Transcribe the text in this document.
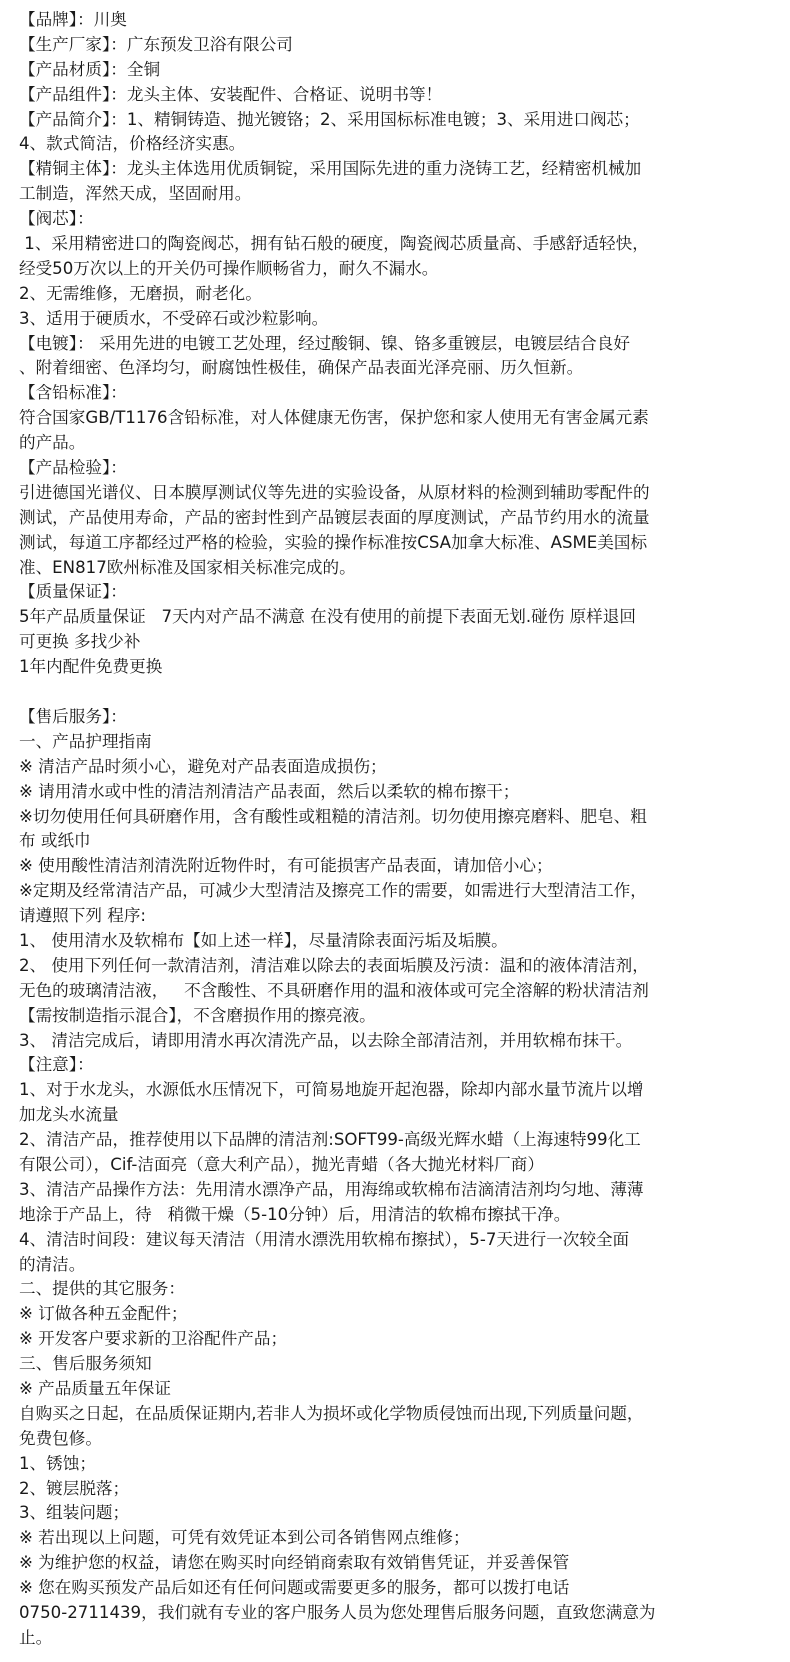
【品牌】：川奥
【生产厂家】：广东预发卫浴有限公司
【产品材质】：全铜
【产品组件】：龙头主体、安装配件、合格证、说明书等！
【产品简介】：1、精铜铸造、抛光镀铬；2、采用国标标准电镀；3、采用进口阀芯；
4、款式简洁，价格经济实惠。
【精铜主体】：龙头主体选用优质铜锭，采用国际先进的重力浇铸工艺，经精密机械加
工制造，浑然天成，坚固耐用。
【阀芯】：
1、采用精密进口的陶瓷阀芯，拥有钻石般的硬度，陶瓷阀芯质量高、手感舒适轻快，
经受50万次以上的开关仍可操作顺畅省力，耐久不漏水。
2、无需维修，无磨损，耐老化。
3、适用于硬质水，不受碎石或沙粒影响。
【电镀】： 采用先进的电镀工艺处理，经过酸铜、镍、铬多重镀层，电镀层结合良好
、附着细密、色泽均匀，耐腐蚀性极佳，确保产品表面光泽亮丽、历久恒新。
【含铅标准】：
符合国家GB/T1176含铅标准，对人体健康无伤害，保护您和家人使用无有害金属元素
的产品。
【产品检验】：
引进德国光谱仪、日本膜厚测试仪等先进的实验设备，从原材料的检测到辅助零配件的
测试，产品使用寿命，产品的密封性到产品镀层表面的厚度测试，产品节约用水的流量
测试，每道工序都经过严格的检验，实验的操作标准按CSA加拿大标准、ASME美国标
准、EN817欧州标准及国家相关标准完成的。
【质量保证】：
5年产品质量保证   7天内对产品不满意 在没有使用的前提下表面无划.碰伤 原样退回
可更换 多找少补
1年内配件免费更换
【售后服务】：
一、产品护理指南
※ 清洁产品时须小心，避免对产品表面造成损伤；
※ 请用清水或中性的清洁剂清洁产品表面，然后以柔软的棉布擦干；
※切勿使用任何具研磨作用，含有酸性或粗糙的清洁剂。切勿使用擦亮磨料、肥皂、粗
布 或纸巾
※ 使用酸性清洁剂清洗附近物件时，有可能损害产品表面，请加倍小心；
※定期及经常清洁产品，可减少大型清洁及擦亮工作的需要，如需进行大型清洁工作，
请遵照下列 程序:
1、 使用清水及软棉布【如上述一样】，尽量清除表面污垢及垢膜。
2、 使用下列任何一款清洁剂，清洁难以除去的表面垢膜及污渍：温和的液体清洁剂，
无色的玻璃清洁液，   不含酸性、不具研磨作用的温和液体或可完全溶解的粉状清洁剂
【需按制造指示混合】，不含磨损作用的擦亮液。
3、 清洁完成后，请即用清水再次清洗产品，以去除全部清洁剂，并用软棉布抹干。
【注意】：
1、对于水龙头，水源低水压情况下，可简易地旋开起泡器，除却内部水量节流片以增
加龙头水流量
2、清洁产品，推荐使用以下品牌的清洁剂:SOFT99-高级光辉水蜡（上海速特99化工
有限公司），Cif-洁面亮（意大利产品），抛光青蜡（各大抛光材料厂商）
3、清洁产品操作方法：先用清水漂净产品，用海绵或软棉布洁滴清洁剂均匀地、薄薄
地涂于产品上，待   稍微干燥（5-10分钟）后，用清洁的软棉布擦拭干净。
4、清洁时间段：建议每天清洁（用清水漂洗用软棉布擦拭），5-7天进行一次较全面
的清洁。
二、提供的其它服务：
※ 订做各种五金配件；
※ 开发客户要求新的卫浴配件产品；
三、售后服务须知
※ 产品质量五年保证
自购买之日起，在品质保证期内,若非人为损坏或化学物质侵蚀而出现,下列质量问题，
免费包修。
1、锈蚀；
2、镀层脱落；
3、组装问题；
※ 若出现以上问题，可凭有效凭证本到公司各销售网点维修；
※ 为维护您的权益，请您在购买时向经销商索取有效销售凭证，并妥善保管
※ 您在购买预发产品后如还有任何问题或需要更多的服务，都可以拨打电话
0750-2711439，我们就有专业的客户服务人员为您处理售后服务问题，直致您满意为
止。
